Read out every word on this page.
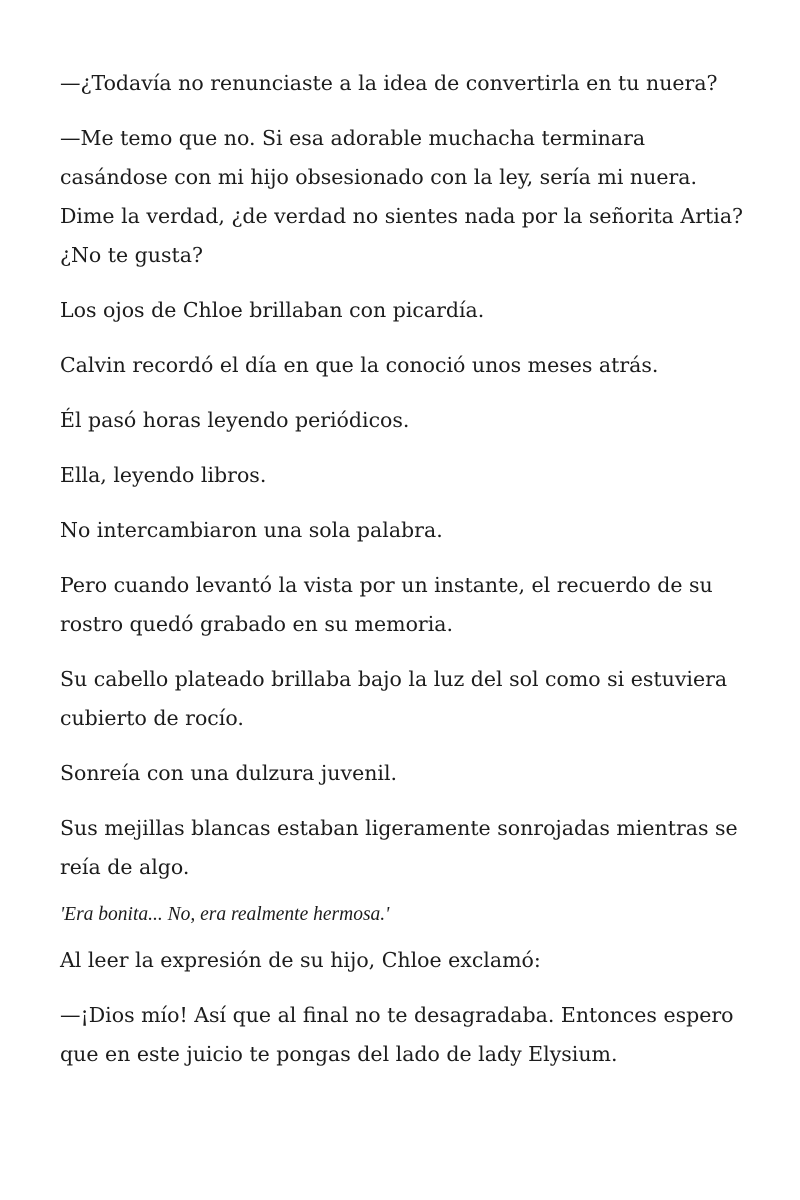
—¿Todavía no renunciaste a la idea de convertirla en tu nuera?

—Me temo que no. Si esa adorable muchacha terminara casándose con mi hijo obsesionado con la ley, sería mi nuera. Dime la verdad, ¿de verdad no sientes nada por la señorita Artia? ¿No te gusta?

Los ojos de Chloe brillaban con picardía.

Calvin recordó el día en que la conoció unos meses atrás.

Él pasó horas leyendo periódicos.

Ella, leyendo libros.

No intercambiaron una sola palabra.

Pero cuando levantó la vista por un instante, el recuerdo de su rostro quedó grabado en su memoria.

Su cabello plateado brillaba bajo la luz del sol como si estuviera cubierto de rocío.

Sonreía con una dulzura juvenil.

Sus mejillas blancas estaban ligeramente sonrojadas mientras se reía de algo.

'Era bonita... No, era realmente hermosa.'

Al leer la expresión de su hijo, Chloe exclamó:

—¡Dios mío! Así que al final no te desagradaba. Entonces espero que en este juicio te pongas del lado de lady Elysium.
